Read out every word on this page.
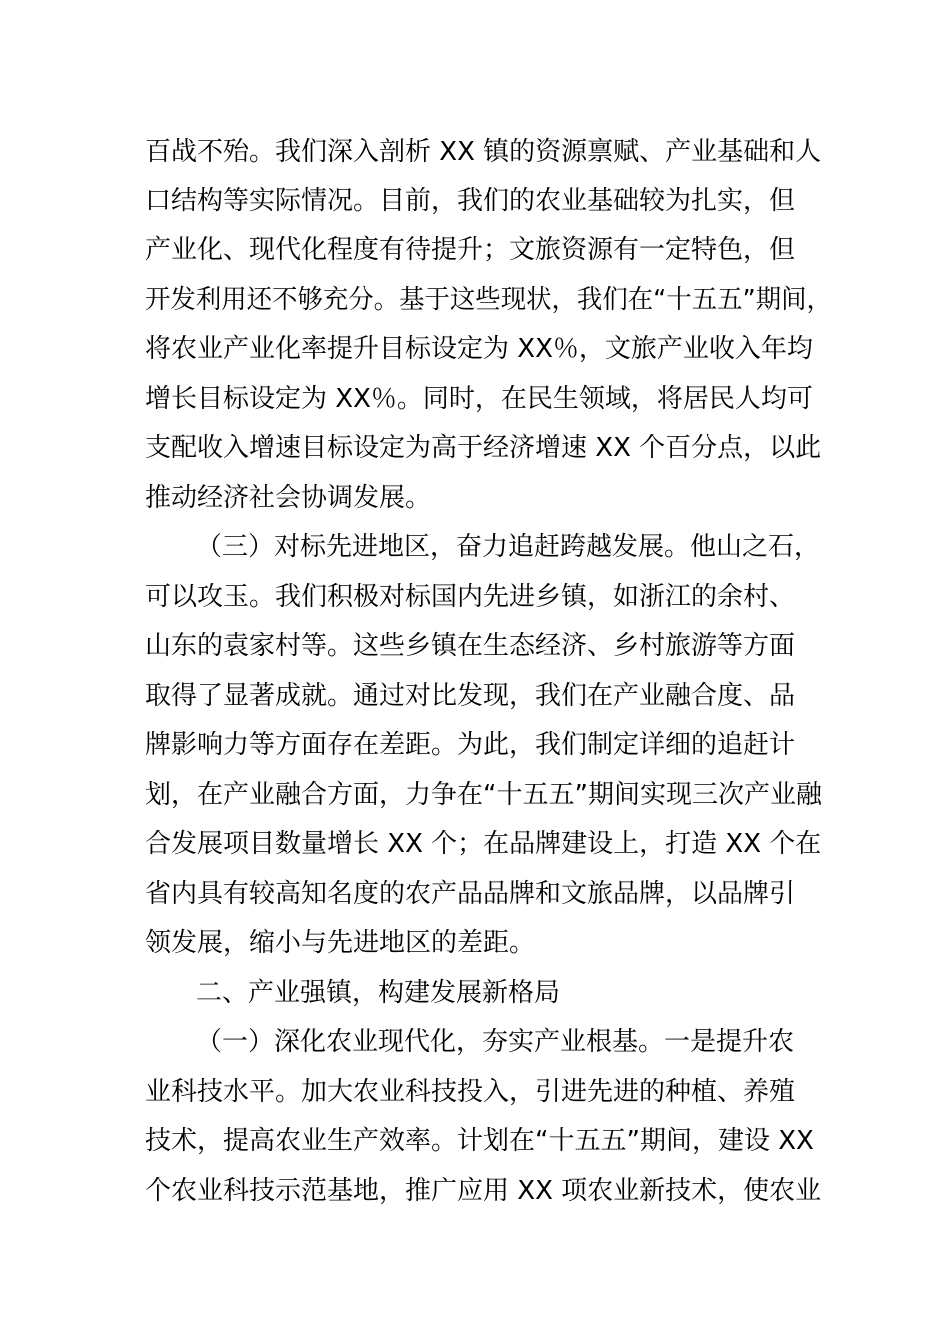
百战不殆。我们深入剖析 XX 镇的资源禀赋、产业基础和人
口结构等实际情况。目前，我们的农业基础较为扎实，但
产业化、现代化程度有待提升；文旅资源有一定特色，但
开发利用还不够充分。基于这些现状，我们在“十五五”期间，
将农业产业化率提升目标设定为 XX％，文旅产业收入年均
增长目标设定为 XX％。同时，在民生领域，将居民人均可
支配收入增速目标设定为高于经济增速 XX 个百分点，以此
推动经济社会协调发展。
（三）对标先进地区，奋力追赶跨越发展。他山之石，
可以攻玉。我们积极对标国内先进乡镇，如浙江的余村、
山东的袁家村等。这些乡镇在生态经济、乡村旅游等方面
取得了显著成就。通过对比发现，我们在产业融合度、品
牌影响力等方面存在差距。为此，我们制定详细的追赶计
划，在产业融合方面，力争在“十五五”期间实现三次产业融
合发展项目数量增长 XX 个；在品牌建设上，打造 XX 个在
省内具有较高知名度的农产品品牌和文旅品牌，以品牌引
领发展，缩小与先进地区的差距。
二、产业强镇，构建发展新格局
（一）深化农业现代化，夯实产业根基。一是提升农
业科技水平。加大农业科技投入，引进先进的种植、养殖
技术，提高农业生产效率。计划在“十五五”期间，建设 XX
个农业科技示范基地，推广应用 XX 项农业新技术，使农业
